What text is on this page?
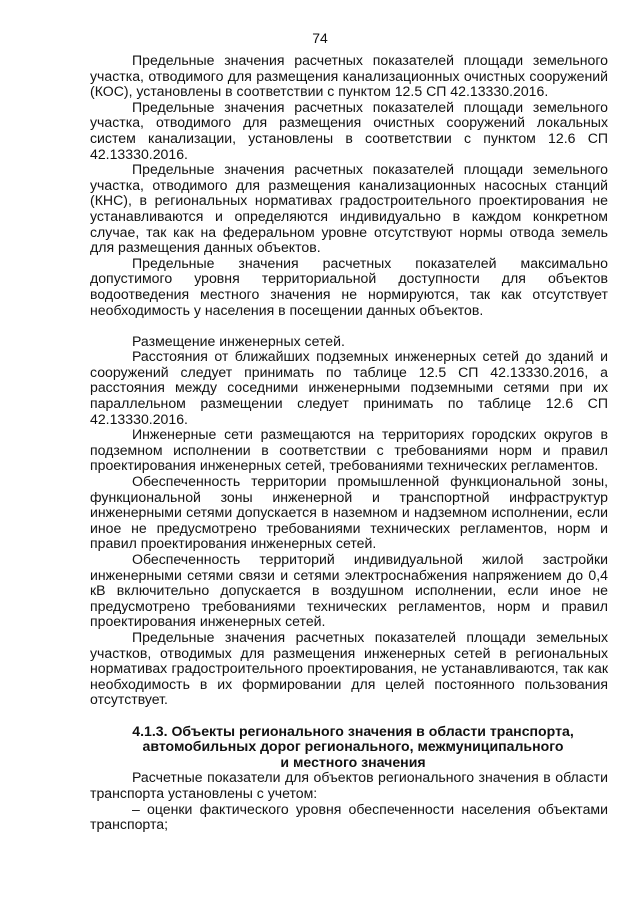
74

Предельные значения расчетных показателей площади земельного участка, отводимого для размещения канализационных очистных сооружений (КОС), установлены в соответствии с пунктом 12.5 СП 42.13330.2016.

Предельные значения расчетных показателей площади земельного участка, отводимого для размещения очистных сооружений локальных систем канализации, установлены в соответствии с пунктом 12.6 СП 42.13330.2016.

Предельные значения расчетных показателей площади земельного участка, отводимого для размещения канализационных насосных станций (КНС), в региональных нормативах градостроительного проектирования не устанавливаются и определяются индивидуально в каждом конкретном случае, так как на федеральном уровне отсутствуют нормы отвода земель для размещения данных объектов.

Предельные значения расчетных показателей максимально допустимого уровня территориальной доступности для объектов водоотведения местного значения не нормируются, так как отсутствует необходимость у населения в посещении данных объектов.

Размещение инженерных сетей.

Расстояния от ближайших подземных инженерных сетей до зданий и сооружений следует принимать по таблице 12.5 СП 42.13330.2016, а расстояния между соседними инженерными подземными сетями при их параллельном размещении следует принимать по таблице 12.6 СП 42.13330.2016.

Инженерные сети размещаются на территориях городских округов в подземном исполнении в соответствии с требованиями норм и правил проектирования инженерных сетей, требованиями технических регламентов.

Обеспеченность территории промышленной функциональной зоны, функциональной зоны инженерной и транспортной инфраструктур инженерными сетями допускается в наземном и надземном исполнении, если иное не предусмотрено требованиями технических регламентов, норм и правил проектирования инженерных сетей.

Обеспеченность территорий индивидуальной жилой застройки инженерными сетями связи и сетями электроснабжения напряжением до 0,4 кВ включительно допускается в воздушном исполнении, если иное не предусмотрено требованиями технических регламентов, норм и правил проектирования инженерных сетей.

Предельные значения расчетных показателей площади земельных участков, отводимых для размещения инженерных сетей в региональных нормативах градостроительного проектирования, не устанавливаются, так как необходимость в их формировании для целей постоянного пользования отсутствует.

4.1.3. Объекты регионального значения в области транспорта,
автомобильных дорог регионального, межмуниципального
и местного значения

Расчетные показатели для объектов регионального значения в области транспорта установлены с учетом:

– оценки фактического уровня обеспеченности населения объектами транспорта;
